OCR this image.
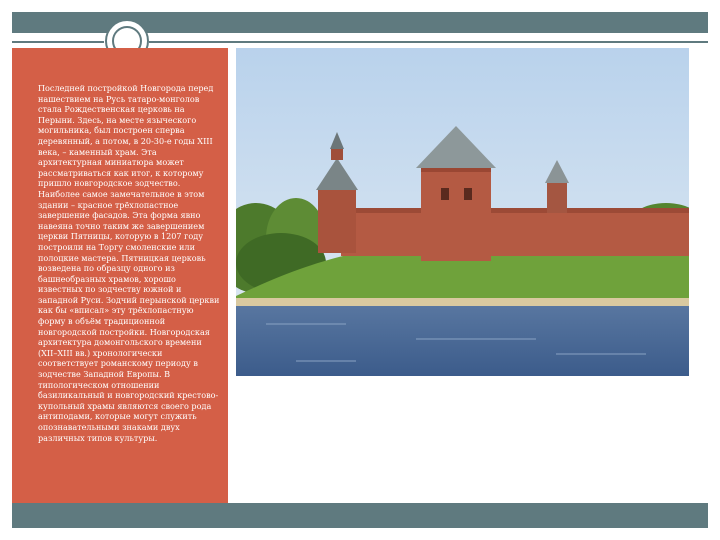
Последней постройкой Новгорода перед нашествием на Русь татаро-монголов стала Рождественская церковь на Перыни. Здесь, на месте языческого могильника, был построен сперва деревянный, а потом, в 20-30-е годы XIII века, – каменный храм. Эта архитектурная миниатюра может рассматриваться как итог, к которому пришло новгородское зодчество. Наиболее самое замечательное в этом здании – красное трёхлопастное завершение фасадов. Эта форма явно навеяна точно таким же завершением церкви Пятницы, которую в 1207 году построили на Торгу смоленские или полоцкие мастера. Пятницкая церковь возведена по образцу одного из башнеобразных храмов, хорошо известных по зодчеству южной и западной Руси. Зодчий перынской церкви как бы «вписал» эту трёхлопастную форму в объём традиционной новгородской постройки. Новгородская архитектура домонгольского времени (XII–XIII вв.) хронологически соответствует романскому периоду в зодчестве Западной Европы. В типологическом отношении базиликальный и новгородский крестово-купольный храмы являются своего рода антиподами, которые могут служить опознавательными знаками двух различных типов культуры.
